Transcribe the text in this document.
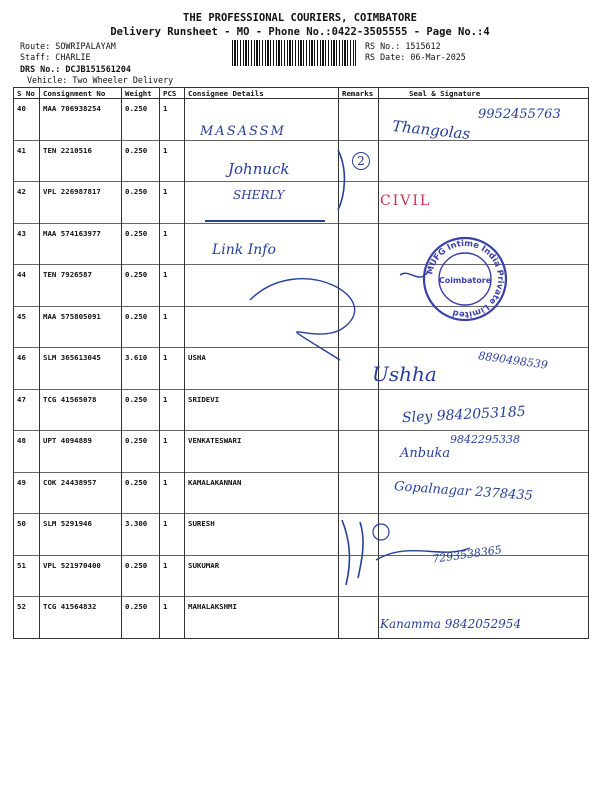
THE PROFESSIONAL COURIERS, COIMBATORE
Delivery Runsheet - MO - Phone No.:0422-3505555 - Page No.:4
Route: SOWRIPALAYAM
Staff: CHARLIE
DRS No.: DCJB151561204
Vehicle: Two Wheeler Delivery
RS No.: 1515612
RS Date: 06-Mar-2025
S No	Consignment No	Weight	PCS	Consignee Details	Remarks	Seal & Signature
40	MAA 706938254	0.250	1			
41	TEN 2210516	0.250	1			
42	VPL 226987817	0.250	1			
43	MAA 574163977	0.250	1			
44	TEN 7926587	0.250	1			
45	MAA 575805091	0.250	1			
46	SLM 365613045	3.610	1	USHA		
47	TCG 41565078	0.250	1	SRIDEVI		
48	UPT 4094889	0.250	1	VENKATESWARI		
49	COK 24438957	0.250	1	KAMALAKANNAN		
50	SLM 5291946	3.300	1	SURESH		
51	VPL 521970400	0.250	1	SUKUMAR		
52	TCG 41564832	0.250	1	MAHALAKSHMI		
MASASSM
9952455763
Thangolas
Johnuck
SHERLY	CIVIL
Link Info
2
Ushha
8890498539
Sley 9842053185
9842295338
Anbuka
Gopalnagar 2378435
7293538365
Kanamma 9842052954
MUFG Intime India Private Limited
Coimbatore
